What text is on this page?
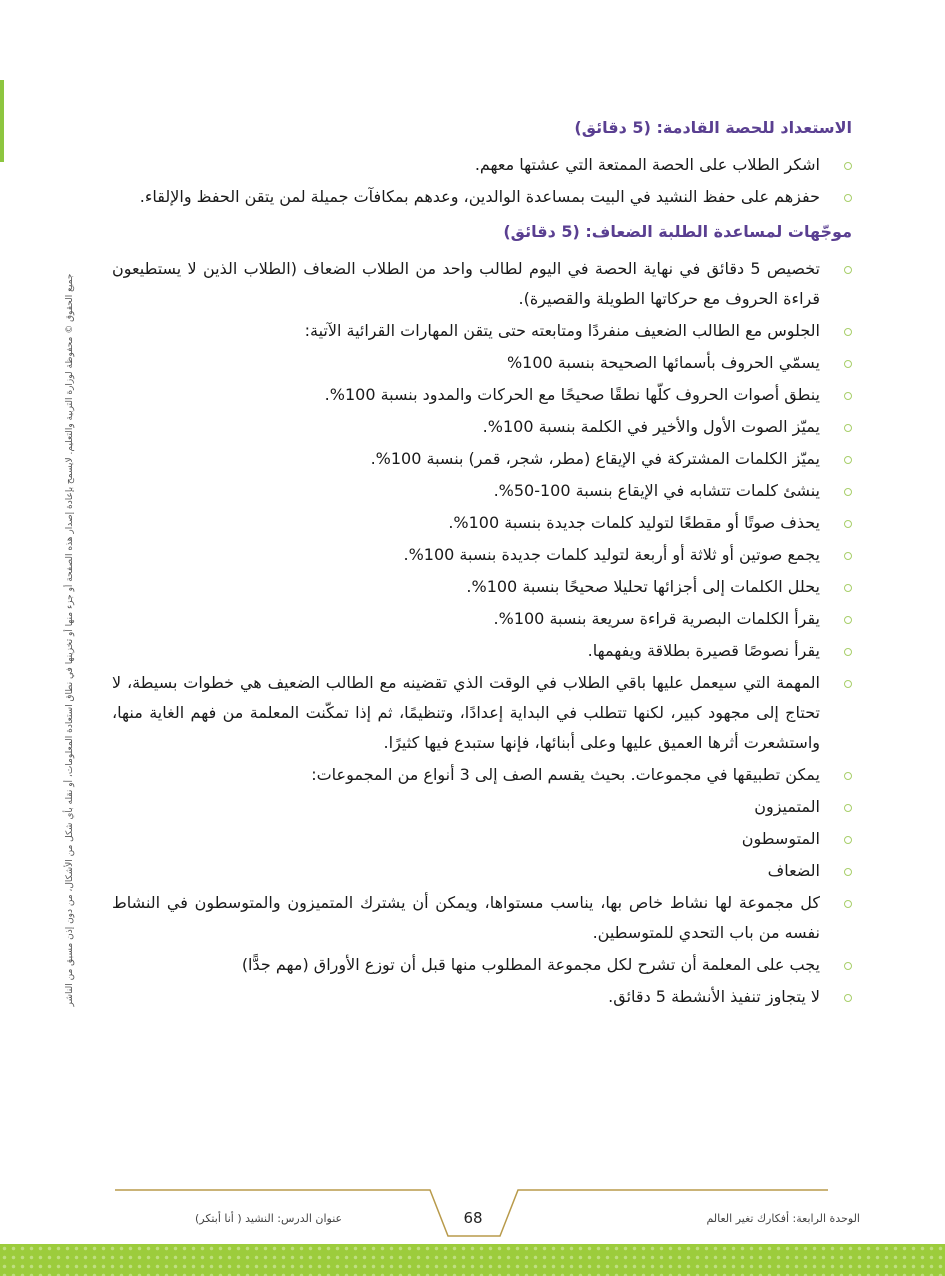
جميع الحقوق © محفوظة لوزارة التربية والتعليم. لايسمح بإعادة إصدار هذه الصفحة أو جزء منها أو تخزينها في نطاق استعادة المعلومات، أو نقله بأي شكل من الأشكال، من دون إذن مسبق من الناشر
الاستعداد للحصة القادمة: (5 دقائق)
اشكر الطلاب على الحصة الممتعة التي عشتها معهم.
حفزهم على حفظ النشيد في البيت بمساعدة الوالدين، وعدهم بمكافآت جميلة لمن يتقن الحفظ والإلقاء.
موجّهات لمساعدة الطلبة الضعاف: (5 دقائق)
تخصيص 5 دقائق في نهاية الحصة في اليوم لطالب واحد من الطلاب الضعاف (الطلاب الذين لا يستطيعون قراءة الحروف مع حركاتها الطويلة والقصيرة).
الجلوس مع الطالب الضعيف منفردًا ومتابعته حتى يتقن المهارات القرائية الآتية:
يسمّي الحروف بأسمائها الصحيحة بنسبة 100%
ينطق أصوات الحروف كلّها نطقًا صحيحًا مع الحركات والمدود بنسبة 100%.
يميّز الصوت الأول والأخير في الكلمة بنسبة 100%.
يميّز الكلمات المشتركة في الإيقاع (مطر، شجر، قمر) بنسبة 100%.
ينشئ كلمات تتشابه في الإيقاع بنسبة 100-50%.
يحذف صوتًا أو مقطعًا لتوليد كلمات جديدة بنسبة 100%.
يجمع صوتين أو ثلاثة أو أربعة لتوليد كلمات جديدة بنسبة 100%.
يحلل الكلمات إلى أجزائها تحليلا صحيحًا بنسبة 100%.
يقرأ الكلمات البصرية قراءة سريعة بنسبة 100%.
يقرأ نصوصًا قصيرة بطلاقة ويفهمها.
المهمة التي سيعمل عليها باقي الطلاب في الوقت الذي تقضينه مع الطالب الضعيف هي خطوات بسيطة، لا تحتاج إلى مجهود كبير، لكنها تتطلب في البداية إعدادًا، وتنظيمًا، ثم إذا تمكّنت المعلمة من فهم الغاية منها، واستشعرت أثرها العميق عليها وعلى أبنائها، فإنها ستبدع فيها كثيرًا.
يمكن تطبيقها في مجموعات. بحيث يقسم الصف إلى 3 أنواع من المجموعات:
المتميزون
المتوسطون
الضعاف
كل مجموعة لها نشاط خاص بها، يناسب مستواها، ويمكن أن يشترك المتميزون والمتوسطون في النشاط نفسه من باب التحدي للمتوسطين.
يجب على المعلمة أن تشرح لكل مجموعة المطلوب منها قبل أن توزع الأوراق (مهم جدًّا)
لا يتجاوز تنفيذ الأنشطة 5 دقائق.
الوحدة الرابعة: أفكارك تغير العالم
68
عنوان الدرس: النشيد ( أنا أبتكر)
